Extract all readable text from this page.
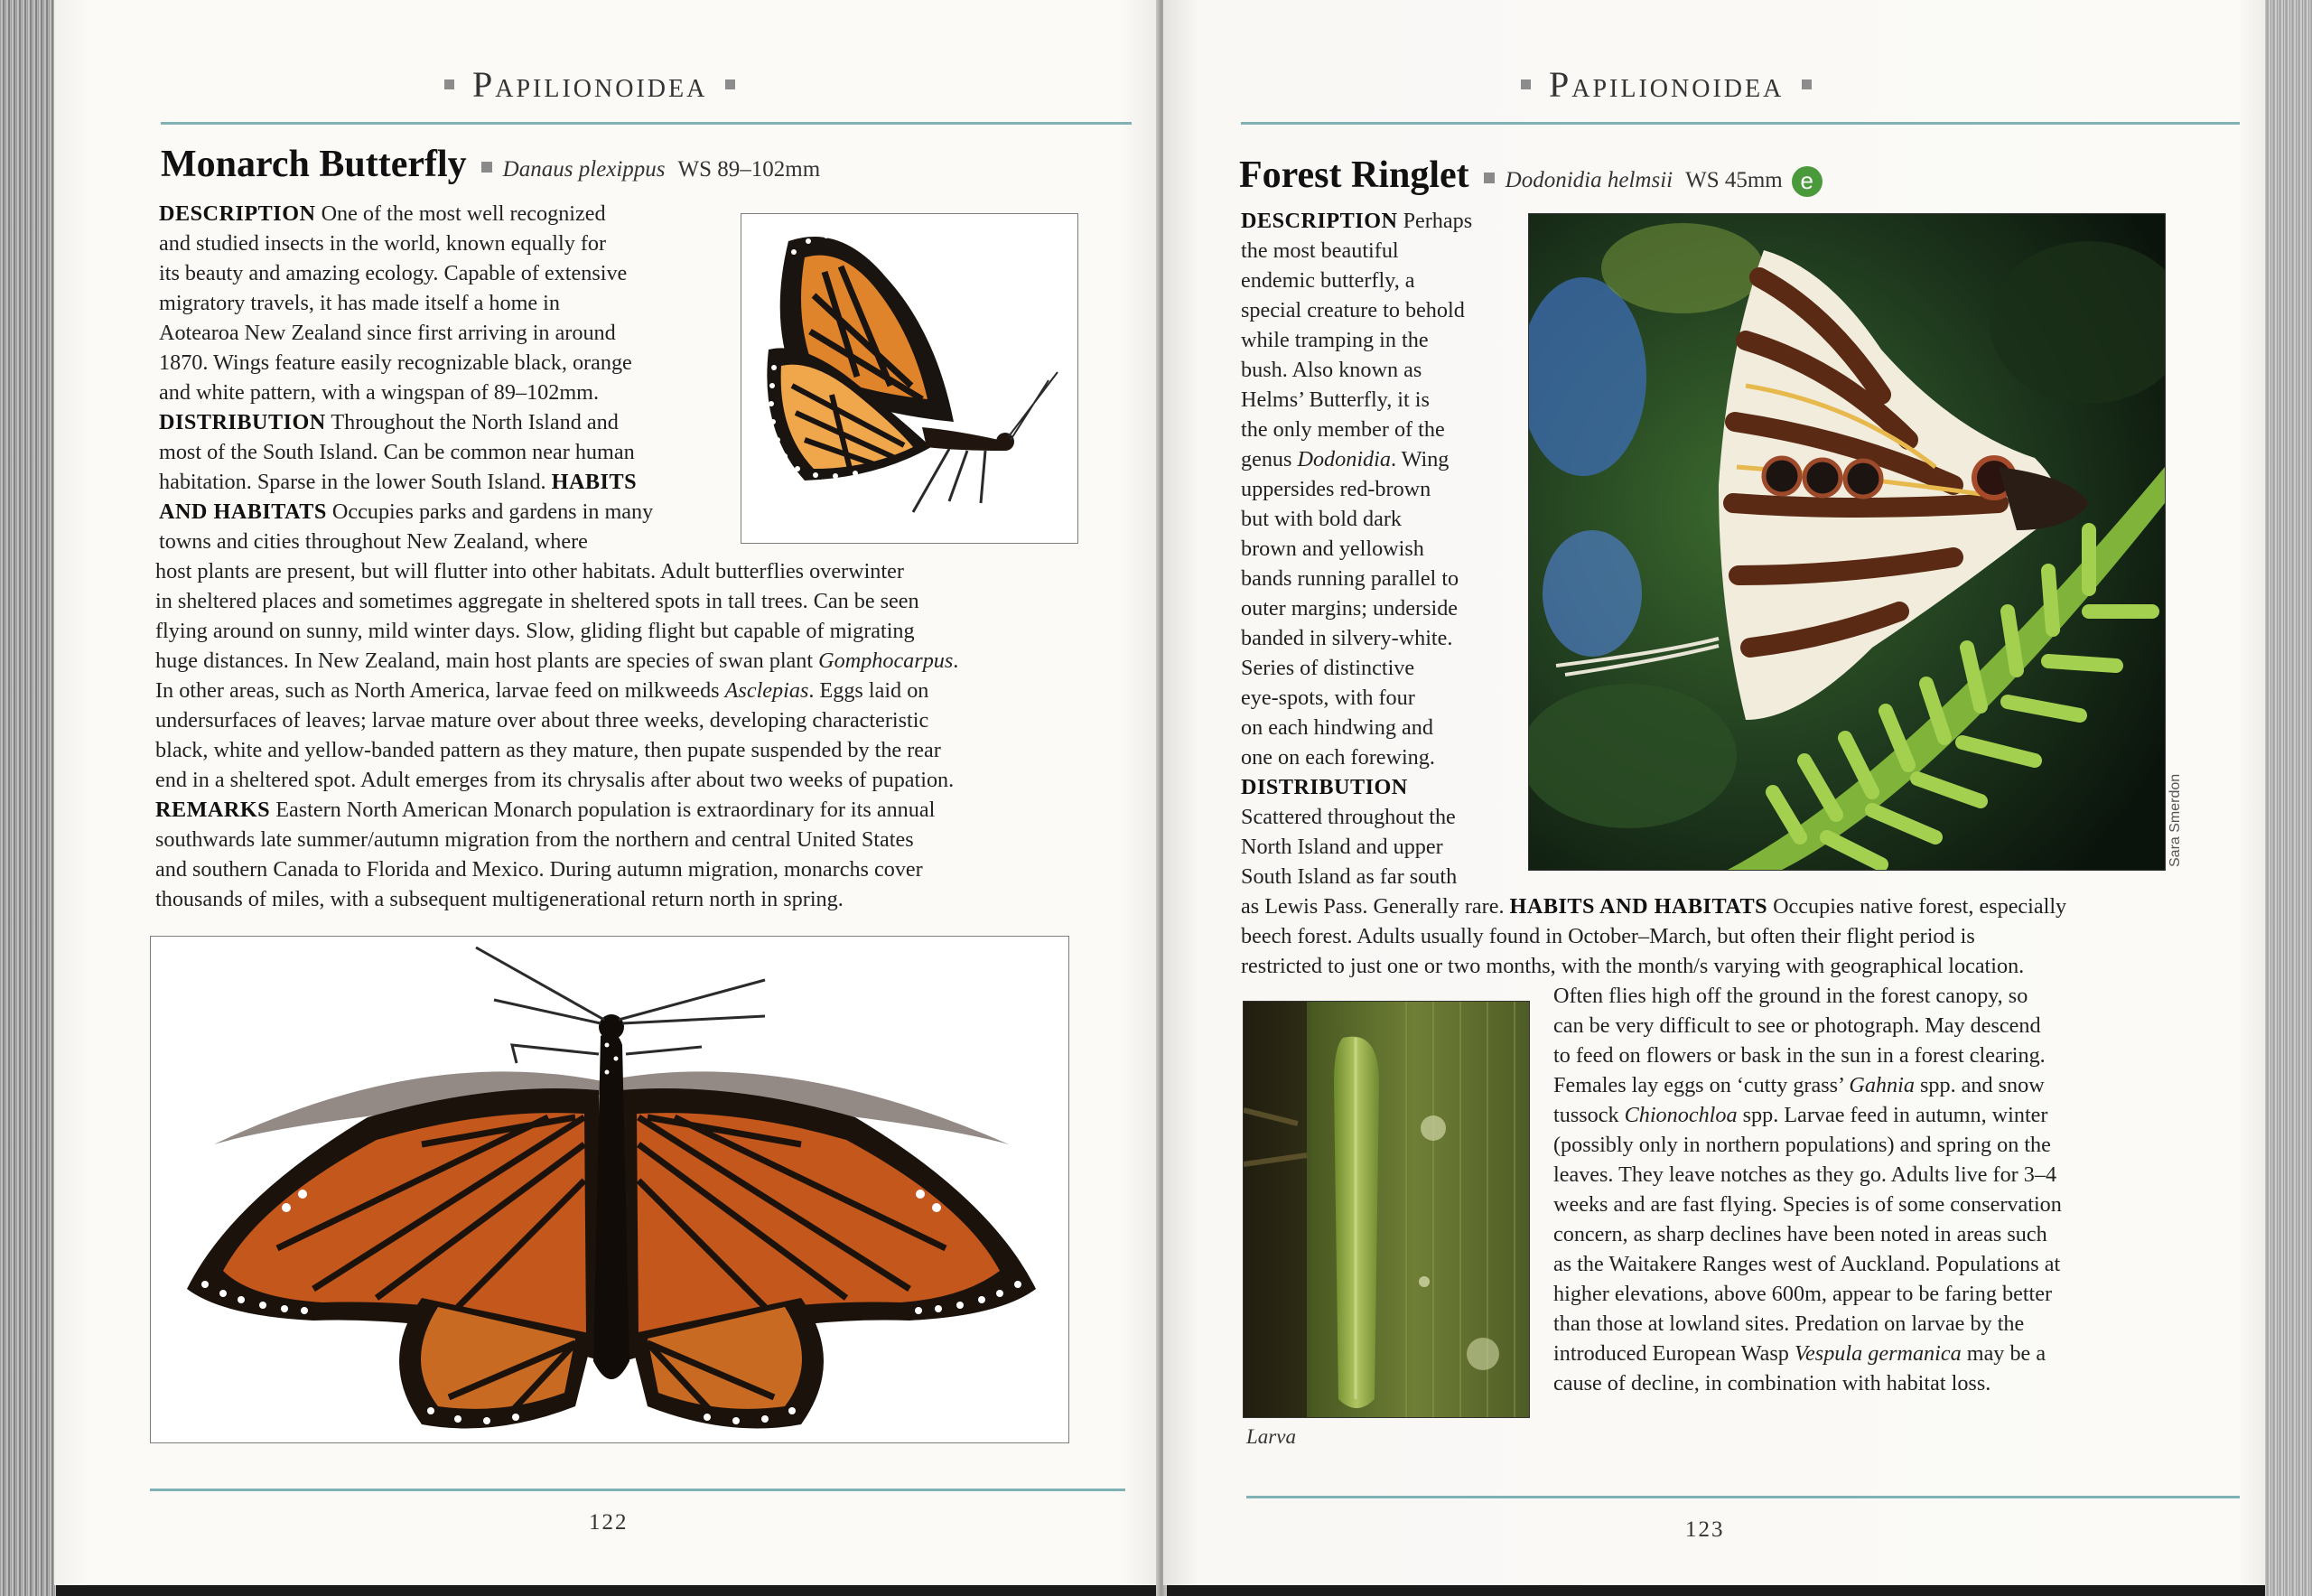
Papilionoidea
Monarch Butterfly Danaus plexippus WS 89–102mm

DESCRIPTION One of the most well recognized

and studied insects in the world, known equally for

its beauty and amazing ecology. Capable of extensive

migratory travels, it has made itself a home in

Aotearoa New Zealand since first arriving in around

1870. Wings feature easily recognizable black, orange

and white pattern, with a wingspan of 89–102mm.

DISTRIBUTION Throughout the North Island and

most of the South Island. Can be common near human

habitation. Sparse in the lower South Island. HABITS

AND HABITATS Occupies parks and gardens in many

towns and cities throughout New Zealand, where

host plants are present, but will flutter into other habitats. Adult butterflies overwinter

in sheltered places and sometimes aggregate in sheltered spots in tall trees. Can be seen

flying around on sunny, mild winter days. Slow, gliding flight but capable of migrating

huge distances. In New Zealand, main host plants are species of swan plant Gomphocarpus.

In other areas, such as North America, larvae feed on milkweeds Asclepias. Eggs laid on

undersurfaces of leaves; larvae mature over about three weeks, developing characteristic

black, white and yellow-banded pattern as they mature, then pupate suspended by the rear

end in a sheltered spot. Adult emerges from its chrysalis after about two weeks of pupation.

REMARKS Eastern North American Monarch population is extraordinary for its annual

southwards late summer/autumn migration from the northern and central United States

and southern Canada to Florida and Mexico. During autumn migration, monarchs cover

thousands of miles, with a subsequent multigenerational return north in spring.

122
Papilionoidea
Forest Ringlet Dodonidia helmsii WS 45mm e

DESCRIPTION Perhaps

the most beautiful

endemic butterfly, a

special creature to behold

while tramping in the

bush. Also known as

Helms’ Butterfly, it is

the only member of the

genus Dodonidia. Wing

uppersides red-brown

but with bold dark

brown and yellowish

bands running parallel to

outer margins; underside

banded in silvery-white.

Series of distinctive

eye-spots, with four

on each hindwing and

one on each forewing.

DISTRIBUTION

Scattered throughout the

North Island and upper

South Island as far south

as Lewis Pass. Generally rare. HABITS AND HABITATS Occupies native forest, especially

beech forest. Adults usually found in October–March, but often their flight period is

restricted to just one or two months, with the month/s varying with geographical location.

Often flies high off the ground in the forest canopy, so

can be very difficult to see or photograph. May descend

to feed on flowers or bask in the sun in a forest clearing.

Females lay eggs on ‘cutty grass’ Gahnia spp. and snow

tussock Chionochloa spp. Larvae feed in autumn, winter

(possibly only in northern populations) and spring on the

leaves. They leave notches as they go. Adults live for 3–4

weeks and are fast flying. Species is of some conservation

concern, as sharp declines have been noted in areas such

as the Waitakere Ranges west of Auckland. Populations at

higher elevations, above 600m, appear to be faring better

than those at lowland sites. Predation on larvae by the

introduced European Wasp Vespula germanica may be a

cause of decline, in combination with habitat loss.

Sara Smerdon
Larva
123
